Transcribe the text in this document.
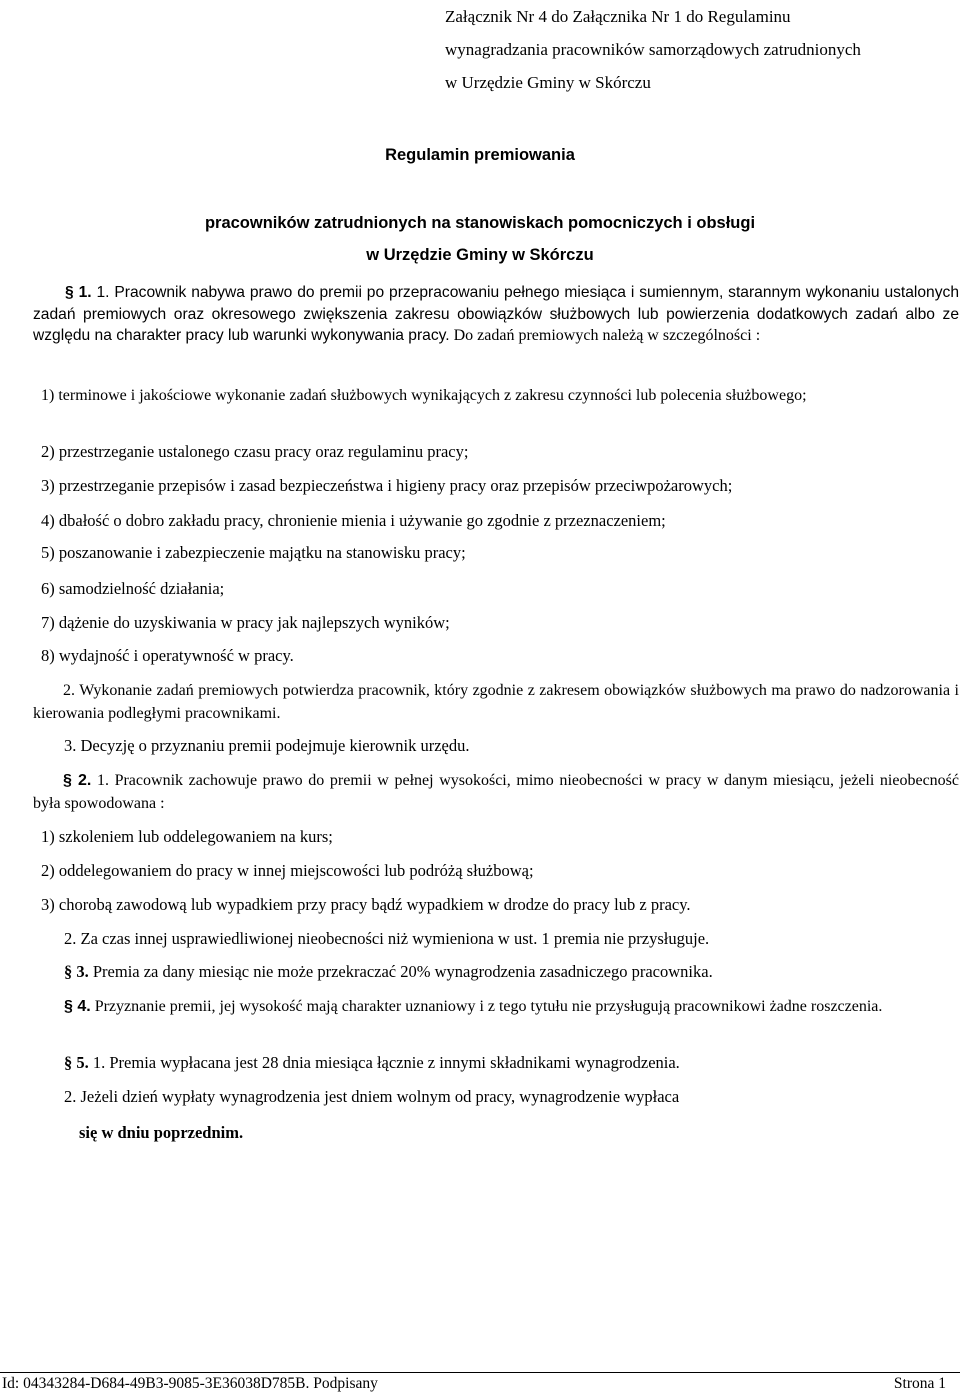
Załącznik Nr 4 do Załącznika Nr 1 do Regulaminu
wynagradzania pracowników samorządowych zatrudnionych
w Urzędzie Gminy w Skórczu
Regulamin premiowania
pracowników zatrudnionych na stanowiskach pomocniczych i obsługi
w Urzędzie Gminy w Skórczu
§ 1. 1. Pracownik nabywa prawo do premii po przepracowaniu pełnego miesiąca i sumiennym, starannym wykonaniu ustalonych zadań premiowych oraz okresowego zwiększenia zakresu obowiązków służbowych lub powierzenia dodatkowych zadań albo ze względu na charakter pracy lub warunki wykonywania pracy. Do zadań premiowych należą w szczególności :
1) terminowe i jakościowe wykonanie zadań służbowych wynikających z zakresu czynności lub polecenia służbowego;
2) przestrzeganie ustalonego czasu pracy oraz regulaminu pracy;
3) przestrzeganie przepisów i zasad bezpieczeństwa i higieny pracy oraz przepisów przeciwpożarowych;
4) dbałość o dobro zakładu pracy, chronienie mienia i używanie go zgodnie z przeznaczeniem;
5) poszanowanie i zabezpieczenie majątku na stanowisku pracy;
6) samodzielność działania;
7) dążenie do uzyskiwania w pracy jak najlepszych wyników;
8) wydajność i operatywność w pracy.
2. Wykonanie zadań premiowych potwierdza pracownik, który zgodnie z zakresem obowiązków służbowych ma prawo do nadzorowania i kierowania podległymi pracownikami.
3. Decyzję o przyznaniu premii podejmuje kierownik urzędu.
§ 2. 1. Pracownik zachowuje prawo do premii w pełnej wysokości, mimo nieobecności w pracy w danym miesiącu, jeżeli nieobecność była spowodowana :
1) szkoleniem lub oddelegowaniem na kurs;
2) oddelegowaniem do pracy w innej miejscowości lub podróżą służbową;
3) chorobą zawodową lub wypadkiem przy pracy bądź wypadkiem w drodze do pracy lub z pracy.
2. Za czas innej usprawiedliwionej nieobecności niż wymieniona w ust. 1 premia nie przysługuje.
§ 3. Premia za dany miesiąc nie może przekraczać 20% wynagrodzenia zasadniczego pracownika.
§ 4. Przyznanie premii, jej wysokość mają charakter uznaniowy i z tego tytułu nie przysługują pracownikowi żadne roszczenia.
§ 5. 1. Premia wypłacana jest 28 dnia miesiąca łącznie z innymi składnikami wynagrodzenia.
2. Jeżeli dzień wypłaty wynagrodzenia jest dniem wolnym od pracy, wynagrodzenie wypłaca
się w dniu poprzednim.
Id: 04343284-D684-49B3-9085-3E36038D785B. Podpisany	Strona 1
